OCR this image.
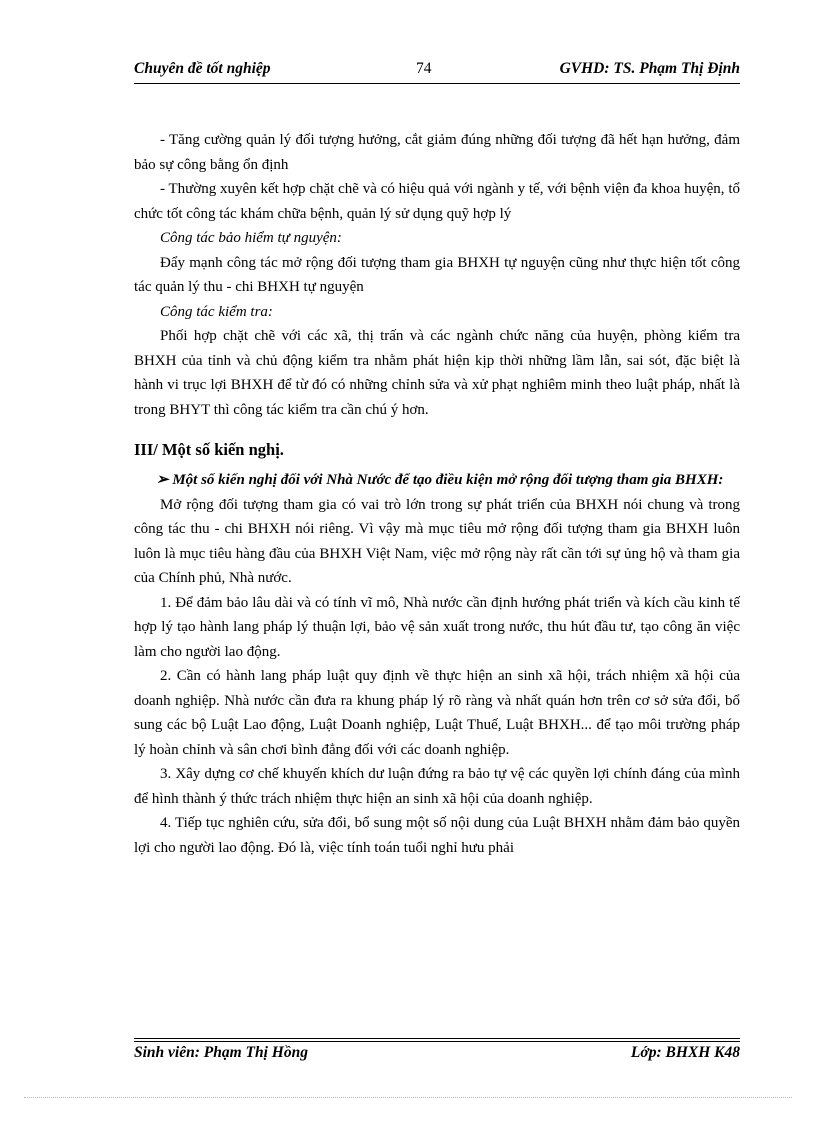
Chuyên đề tốt nghiệp	74	GVHD: TS. Phạm Thị Định

- Tăng cường quản lý đối tượng hưởng, cắt giảm đúng những đối tượng đã hết hạn hưởng, đảm bảo sự công bằng ổn định

- Thường xuyên kết hợp chặt chẽ và có hiệu quả với ngành y tế, với bệnh viện đa khoa huyện, tổ chức tốt công tác khám chữa bệnh, quản lý sử dụng quỹ hợp lý

Công tác bảo hiểm tự nguyện:

Đẩy mạnh công tác mở rộng đối tượng tham gia BHXH tự nguyện cũng như thực hiện tốt công tác quản lý thu - chi BHXH tự nguyện

Công tác kiểm tra:

Phối hợp chặt chẽ với các xã, thị trấn và các ngành chức năng của huyện, phòng kiểm tra BHXH của tỉnh và chủ động kiểm tra nhằm phát hiện kịp thời những lầm lẫn, sai sót, đặc biệt là hành vi trục lợi BHXH để từ đó có những chỉnh sửa và xử phạt nghiêm minh theo luật pháp, nhất là trong BHYT thì công tác kiểm tra cần chú ý hơn.

III/ Một số kiến nghị.

➢ Một số kiến nghị đối với Nhà Nước để tạo điều kiện mở rộng đối tượng tham gia BHXH:

Mở rộng đối tượng tham gia có vai trò lớn trong sự phát triển của BHXH nói chung và trong công tác thu - chi BHXH nói riêng. Vì vậy mà mục tiêu mở rộng đối tượng tham gia BHXH luôn luôn là mục tiêu hàng đầu của BHXH Việt Nam, việc mở rộng này rất cần tới sự ủng hộ và tham gia của Chính phủ, Nhà nước.

1. Để đảm bảo lâu dài và có tính vĩ mô, Nhà nước cần định hướng phát triển và kích cầu kinh tế hợp lý tạo hành lang pháp lý thuận lợi, bảo vệ sản xuất trong nước, thu hút đầu tư, tạo công ăn việc làm cho người lao động.

2. Cần có hành lang pháp luật quy định về thực hiện an sinh xã hội, trách nhiệm xã hội của doanh nghiệp. Nhà nước cần đưa ra khung pháp lý rõ ràng và nhất quán hơn trên cơ sở sửa đổi, bổ sung các bộ Luật Lao động, Luật Doanh nghiệp, Luật Thuế, Luật BHXH... để tạo môi trường pháp lý hoàn chỉnh và sân chơi bình đẳng đối với các doanh nghiệp.

3. Xây dựng cơ chế khuyến khích dư luận đứng ra bảo tự vệ các quyền lợi chính đáng của mình để hình thành ý thức trách nhiệm thực hiện an sinh xã hội của doanh nghiệp.

4. Tiếp tục nghiên cứu, sửa đổi, bổ sung một số nội dung của Luật BHXH nhằm đảm bảo quyền lợi cho người lao động. Đó là, việc tính toán tuổi nghỉ hưu phải

Sinh viên: Phạm Thị Hồng	Lớp: BHXH K48
